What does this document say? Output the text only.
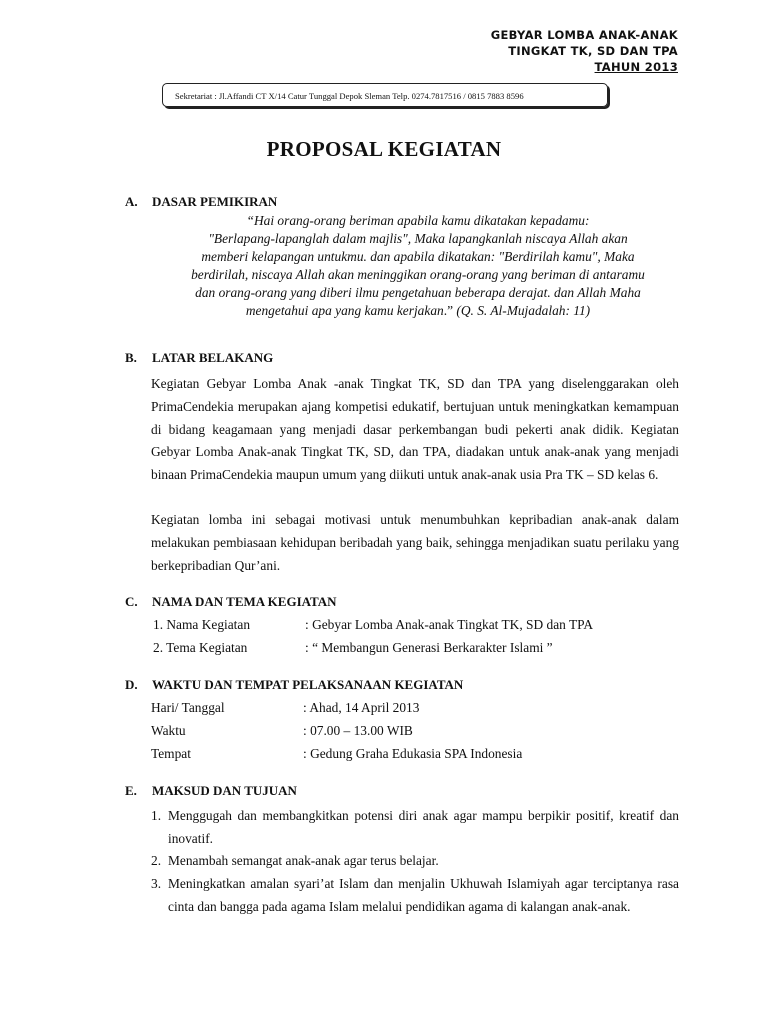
GEBYAR LOMBA ANAK-ANAK
TINGKAT TK, SD DAN TPA
TAHUN 2013
Sekretariat : Jl.Affandi CT X/14 Catur Tunggal Depok Sleman Telp. 0274.7817516 / 0815 7883 8596
PROPOSAL KEGIATAN
A. DASAR PEMIKIRAN
“Hai orang-orang beriman apabila kamu dikatakan kepadamu:
"Berlapang-lapanglah dalam majlis", Maka lapangkanlah niscaya Allah akan
memberi kelapangan untukmu. dan apabila dikatakan: "Berdirilah kamu", Maka
berdirilah, niscaya Allah akan meninggikan orang-orang yang beriman di antaramu
dan orang-orang yang diberi ilmu pengetahuan beberapa derajat. dan Allah Maha
mengetahui apa yang kamu kerjakan.” (Q. S. Al-Mujadalah: 11)
B. LATAR BELAKANG
Kegiatan Gebyar Lomba Anak -anak Tingkat TK, SD dan TPA yang diselenggarakan oleh PrimaCendekia merupakan ajang kompetisi edukatif, bertujuan untuk meningkatkan kemampuan di bidang keagamaan yang menjadi dasar perkembangan budi pekerti anak didik. Kegiatan Gebyar Lomba Anak-anak Tingkat TK, SD, dan TPA, diadakan untuk anak-anak yang menjadi binaan PrimaCendekia maupun umum yang diikuti untuk anak-anak usia Pra TK – SD kelas 6.
Kegiatan lomba ini sebagai motivasi untuk menumbuhkan kepribadian anak-anak dalam melakukan pembiasaan kehidupan beribadah yang baik, sehingga menjadikan suatu perilaku yang berkepribadian Qur’ani.
C. NAMA DAN TEMA KEGIATAN
1. Nama Kegiatan	: Gebyar Lomba Anak-anak Tingkat TK, SD dan TPA
2. Tema Kegiatan	: “ Membangun Generasi Berkarakter Islami ”
D. WAKTU DAN TEMPAT PELAKSANAAN KEGIATAN
Hari/ Tanggal	: Ahad, 14 April 2013
Waktu	: 07.00 – 13.00 WIB
Tempat	: Gedung Graha Edukasia SPA Indonesia
E. MAKSUD DAN TUJUAN
1. Menggugah dan membangkitkan potensi diri anak agar mampu berpikir positif, kreatif dan inovatif.
2. Menambah semangat anak-anak agar terus belajar.
3. Meningkatkan amalan syari’at Islam dan menjalin Ukhuwah Islamiyah agar terciptanya rasa cinta dan bangga pada agama Islam melalui pendidikan agama di kalangan anak-anak.
